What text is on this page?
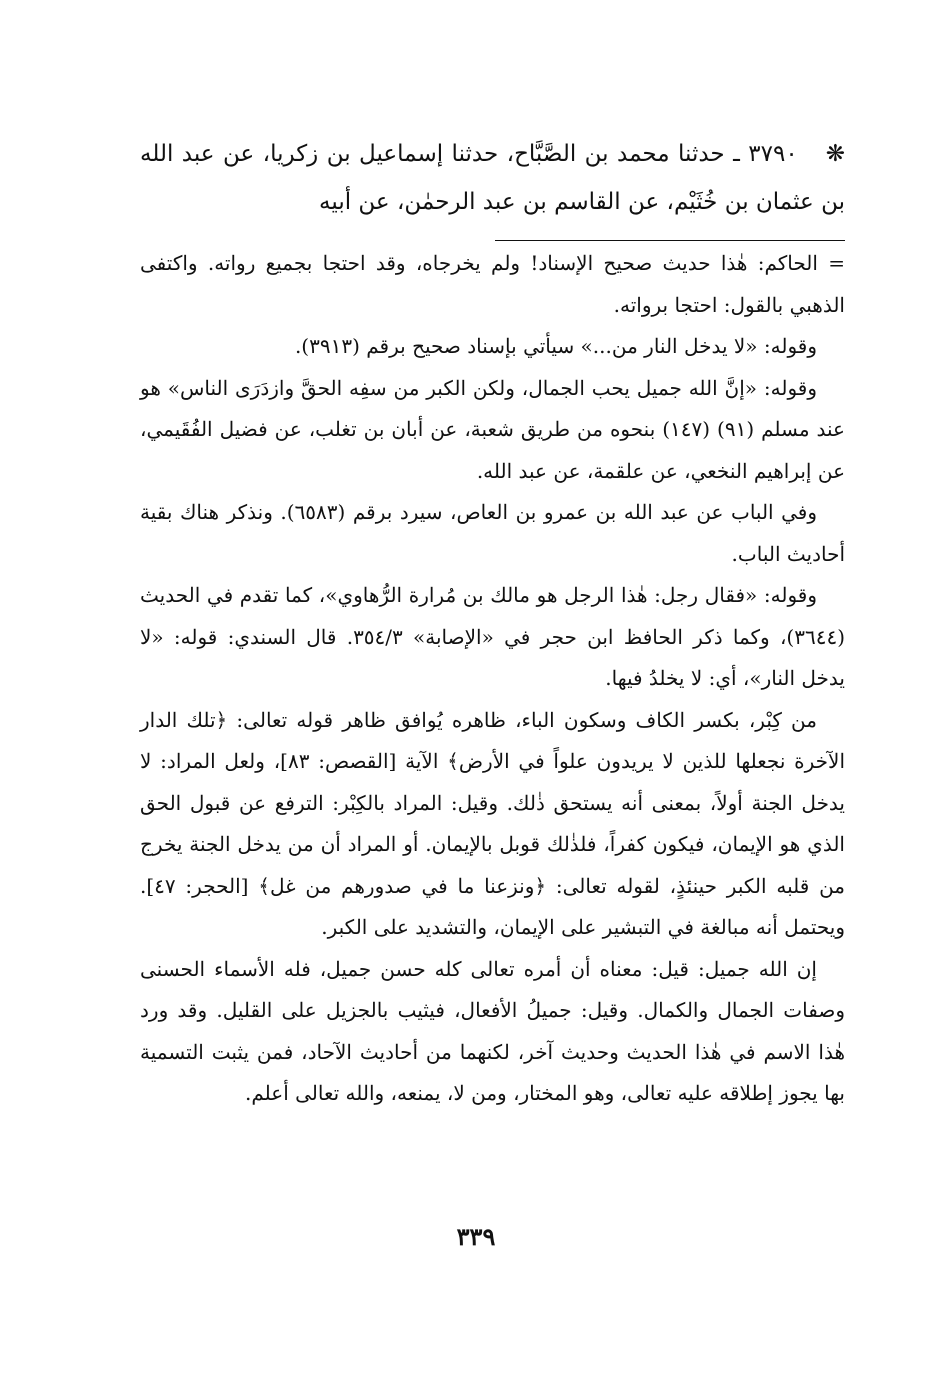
❋٣٧٩٠ ـ حدثنا محمد بن الصَّبَّاح، حدثنا إسماعيل بن زكريا، عن عبد الله بن عثمان بن خُثَيْم، عن القاسم بن عبد الرحمٰن، عن أبيه

= الحاكم: هٰذا حديث صحيح الإسناد! ولم يخرجاه، وقد احتجا بجميع رواته. واكتفى الذهبي بالقول: احتجا برواته.

وقوله: «لا يدخل النار من...» سيأتي بإسناد صحيح برقم (٣٩١٣).

وقوله: «إنَّ الله جميل يحب الجمال، ولكن الكبر من سفِه الحقَّ وازدَرَى الناس» هو عند مسلم (٩١) (١٤٧) بنحوه من طريق شعبة، عن أبان بن تغلب، عن فضيل الفُقَيمي، عن إبراهيم النخعي، عن علقمة، عن عبد الله.

وفي الباب عن عبد الله بن عمرو بن العاص، سيرد برقم (٦٥٨٣). ونذكر هناك بقية أحاديث الباب.

وقوله: «فقال رجل: هٰذا الرجل هو مالك بن مُرارة الرُّهاوي»، كما تقدم في الحديث (٣٦٤٤)، وكما ذكر الحافظ ابن حجر في «الإصابة» ٣٥٤/٣. قال السندي: قوله: «لا يدخل النار»، أي: لا يخلدُ فيها.

من كِبْر، بكسر الكاف وسكون الباء، ظاهره يُوافق ظاهر قوله تعالى: ﴿تلك الدار الآخرة نجعلها للذين لا يريدون علواً في الأرض﴾ الآية [القصص: ٨٣]، ولعل المراد: لا يدخل الجنة أولاً، بمعنى أنه يستحق ذٰلك. وقيل: المراد بالكِبْر: الترفع عن قبول الحق الذي هو الإيمان، فيكون كفراً، فلذٰلك قوبل بالإيمان. أو المراد أن من يدخل الجنة يخرج من قلبه الكبر حينئذٍ، لقوله تعالى: ﴿ونزعنا ما في صدورهم من غل﴾ [الحجر: ٤٧]. ويحتمل أنه مبالغة في التبشير على الإيمان، والتشديد على الكبر.

إن الله جميل: قيل: معناه أن أمره تعالى كله حسن جميل، فله الأسماء الحسنى وصفات الجمال والكمال. وقيل: جميلُ الأفعال، فيثيب بالجزيل على القليل. وقد ورد هٰذا الاسم في هٰذا الحديث وحديث آخر، لكنهما من أحاديث الآحاد، فمن يثبت التسمية بها يجوز إطلاقه عليه تعالى، وهو المختار، ومن لا، يمنعه، والله تعالى أعلم.

٣٣٩
